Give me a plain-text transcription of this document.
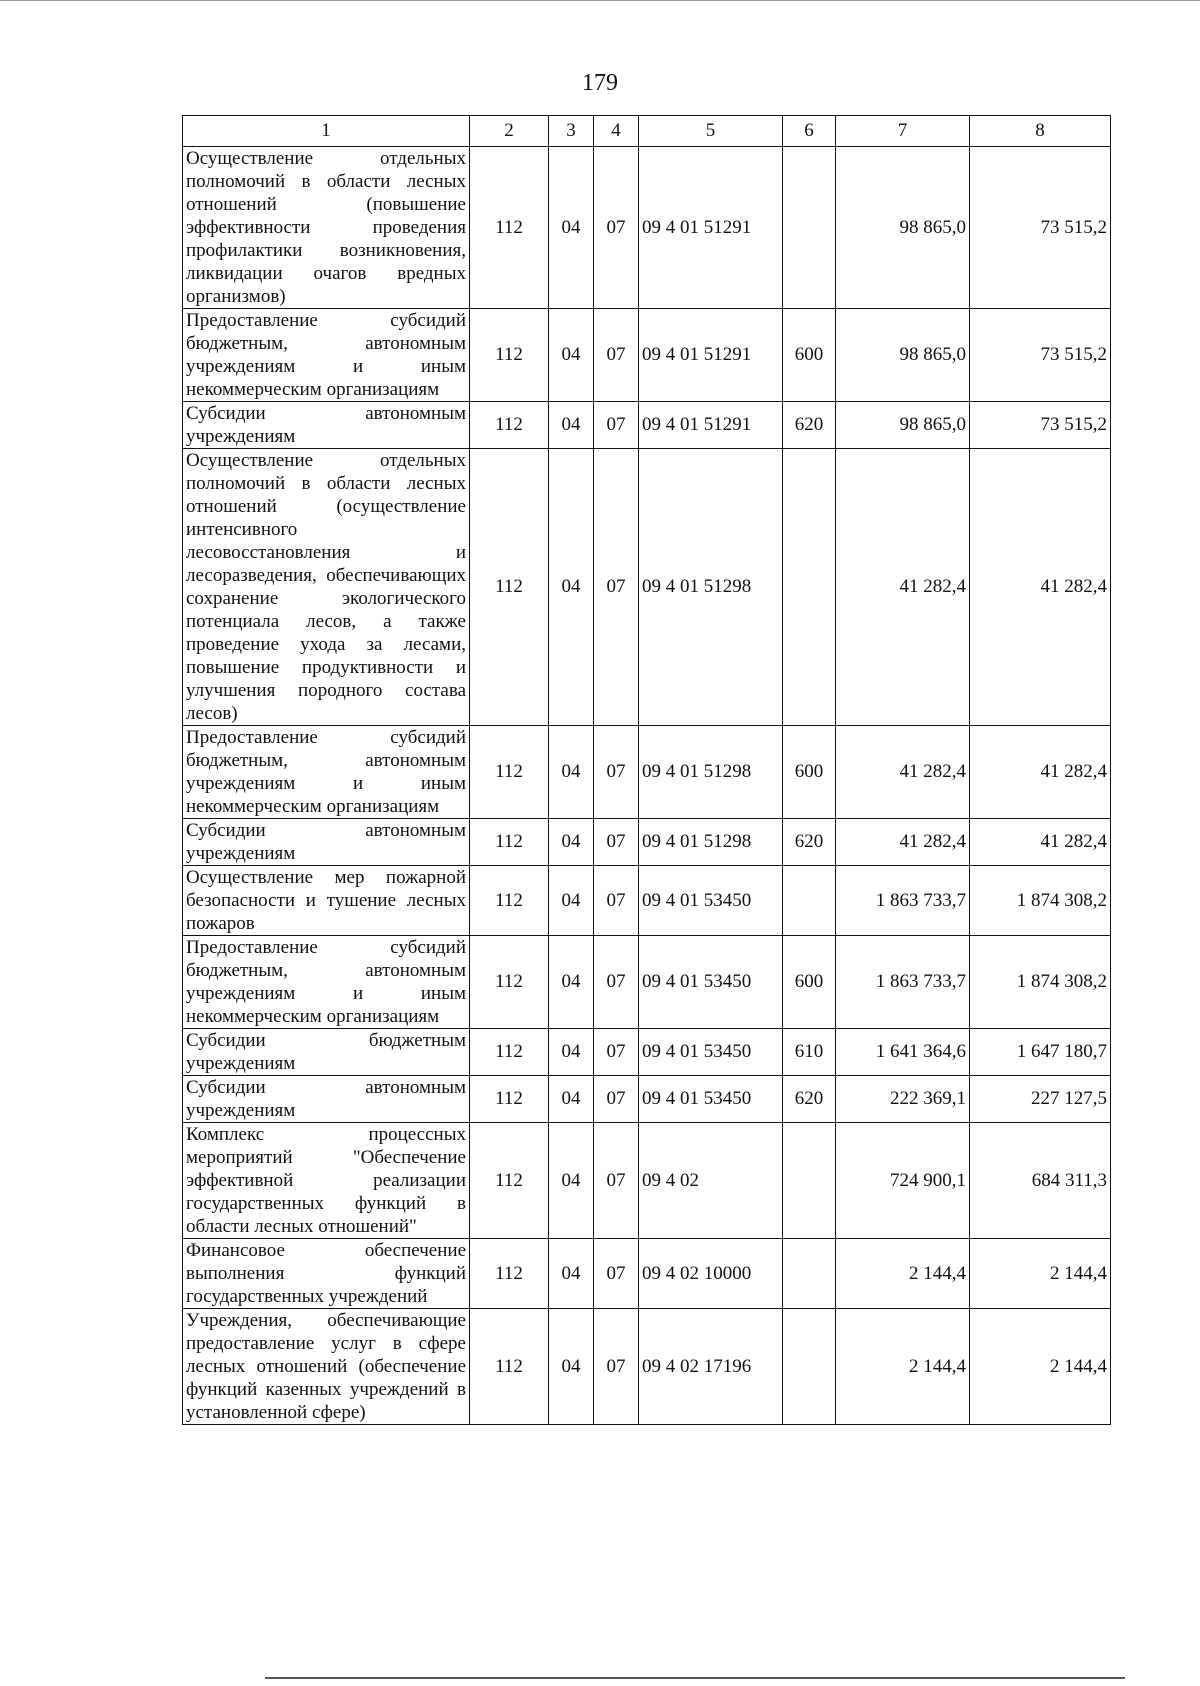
179
1	2	3	4	5	6	7	8
Осуществление отдельных полномочий в области лесных отношений (повышение эффективности проведения профилактики возникновения, ликвидации очагов вредных организмов)	112	04	07	09 4 01 51291		98 865,0	73 515,2
Предоставление субсидий бюджетным, автономным учреждениям и иным некоммерческим организациям	112	04	07	09 4 01 51291	600	98 865,0	73 515,2
Субсидии автономным учреждениям	112	04	07	09 4 01 51291	620	98 865,0	73 515,2
Осуществление отдельных полномочий в области лесных отношений (осуществление интенсивного лесовосстановления и лесоразведения, обеспечивающих сохранение экологического потенциала лесов, а также проведение ухода за лесами, повышение продуктивности и улучшения породного состава лесов)	112	04	07	09 4 01 51298		41 282,4	41 282,4
Предоставление субсидий бюджетным, автономным учреждениям и иным некоммерческим организациям	112	04	07	09 4 01 51298	600	41 282,4	41 282,4
Субсидии автономным учреждениям	112	04	07	09 4 01 51298	620	41 282,4	41 282,4
Осуществление мер пожарной безопасности и тушение лесных пожаров	112	04	07	09 4 01 53450		1 863 733,7	1 874 308,2
Предоставление субсидий бюджетным, автономным учреждениям и иным некоммерческим организациям	112	04	07	09 4 01 53450	600	1 863 733,7	1 874 308,2
Субсидии бюджетным учреждениям	112	04	07	09 4 01 53450	610	1 641 364,6	1 647 180,7
Субсидии автономным учреждениям	112	04	07	09 4 01 53450	620	222 369,1	227 127,5
Комплекс процессных мероприятий "Обеспечение эффективной реализации государственных функций в области лесных отношений"	112	04	07	09 4 02		724 900,1	684 311,3
Финансовое обеспечение выполнения функций государственных учреждений	112	04	07	09 4 02 10000		2 144,4	2 144,4
Учреждения, обеспечивающие предоставление услуг в сфере лесных отношений (обеспечение функций казенных учреждений в установленной сфере)	112	04	07	09 4 02 17196		2 144,4	2 144,4
